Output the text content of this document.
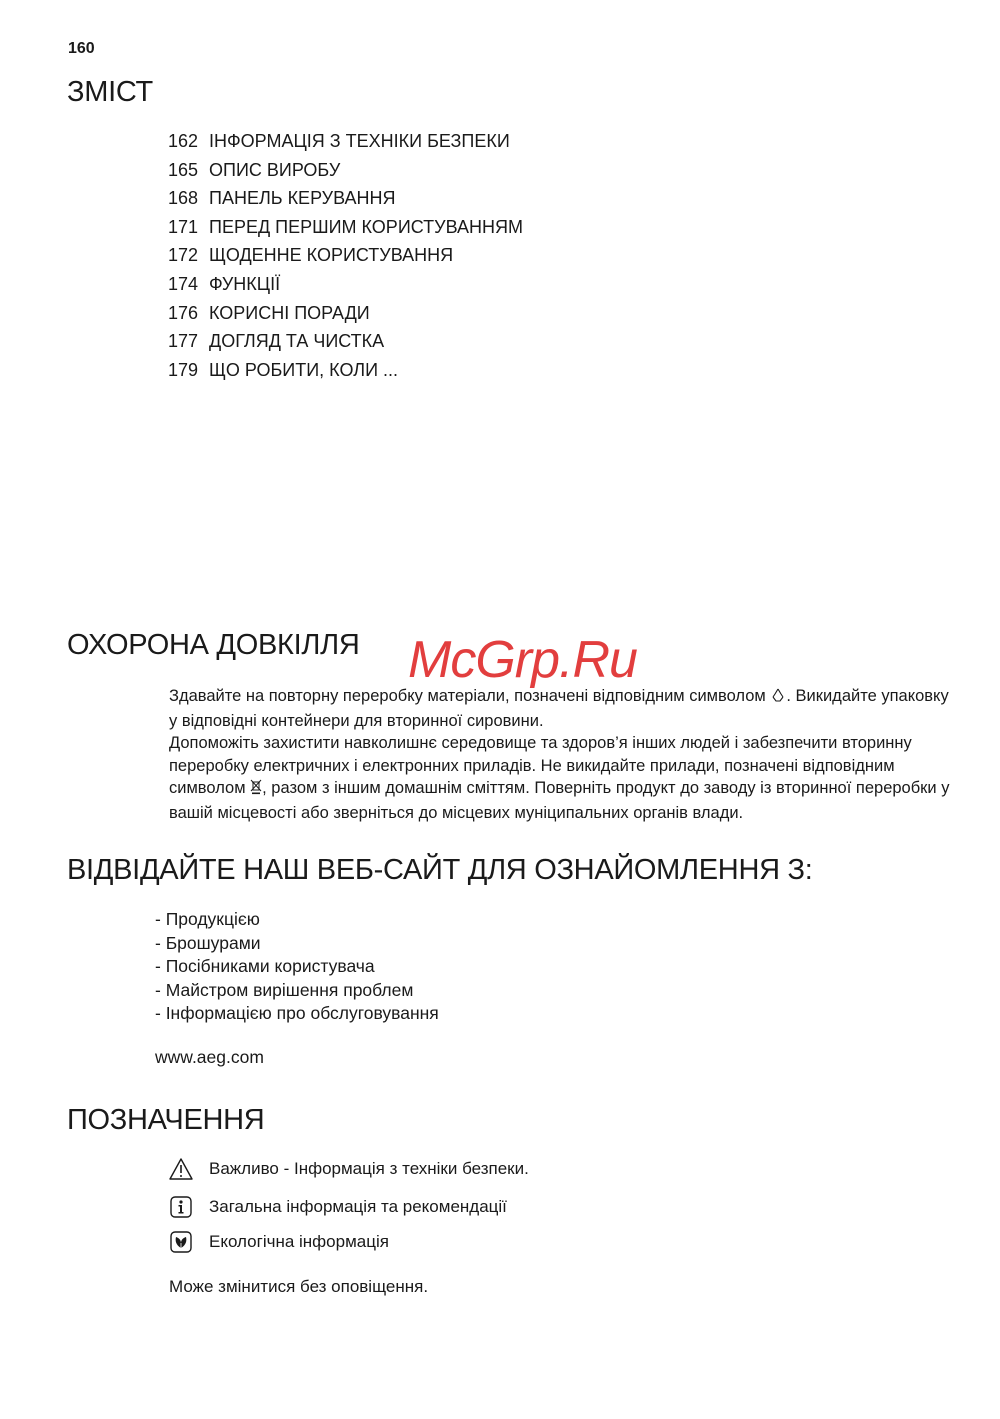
160
ЗМІСТ
162 ІНФОРМАЦІЯ З ТЕХНІКИ БЕЗПЕКИ
165 ОПИС ВИРОБУ
168 ПАНЕЛЬ КЕРУВАННЯ
171 ПЕРЕД ПЕРШИМ КОРИСТУВАННЯМ
172 ЩОДЕННЕ КОРИСТУВАННЯ
174 ФУНКЦІЇ
176 КОРИСНІ ПОРАДИ
177 ДОГЛЯД ТА ЧИСТКА
179 ЩО РОБИТИ, КОЛИ ...
ОХОРОНА ДОВКІЛЛЯ

Здавайте на повторну переробку матеріали, позначені відповідним символом . Викидайте упаковку у відповідні контейнери для вторинної сировини.

Допоможіть захистити навколишнє середовище та здоров’я інших людей і забезпечити вторинну переробку електричних і електронних приладів. Не викидайте прилади, позначені відповідним символом , разом з іншим домашнім сміттям. Поверніть продукт до заводу із вторинної переробки у вашій місцевості або зверніться до місцевих муніципальних органів влади.

ВІДВІДАЙТЕ НАШ ВЕБ-САЙТ ДЛЯ ОЗНАЙОМЛЕННЯ З:
- Продукцією
- Брошурами
- Посібниками користувача
- Майстром вирішення проблем
- Інформацією про обслуговування
www.aeg.com
ПОЗНАЧЕННЯ
Важливо - Інформація з техніки безпеки.
Загальна інформація та рекомендації
Екологічна інформація
Може змінитися без оповіщення.
McGrp.Ru
